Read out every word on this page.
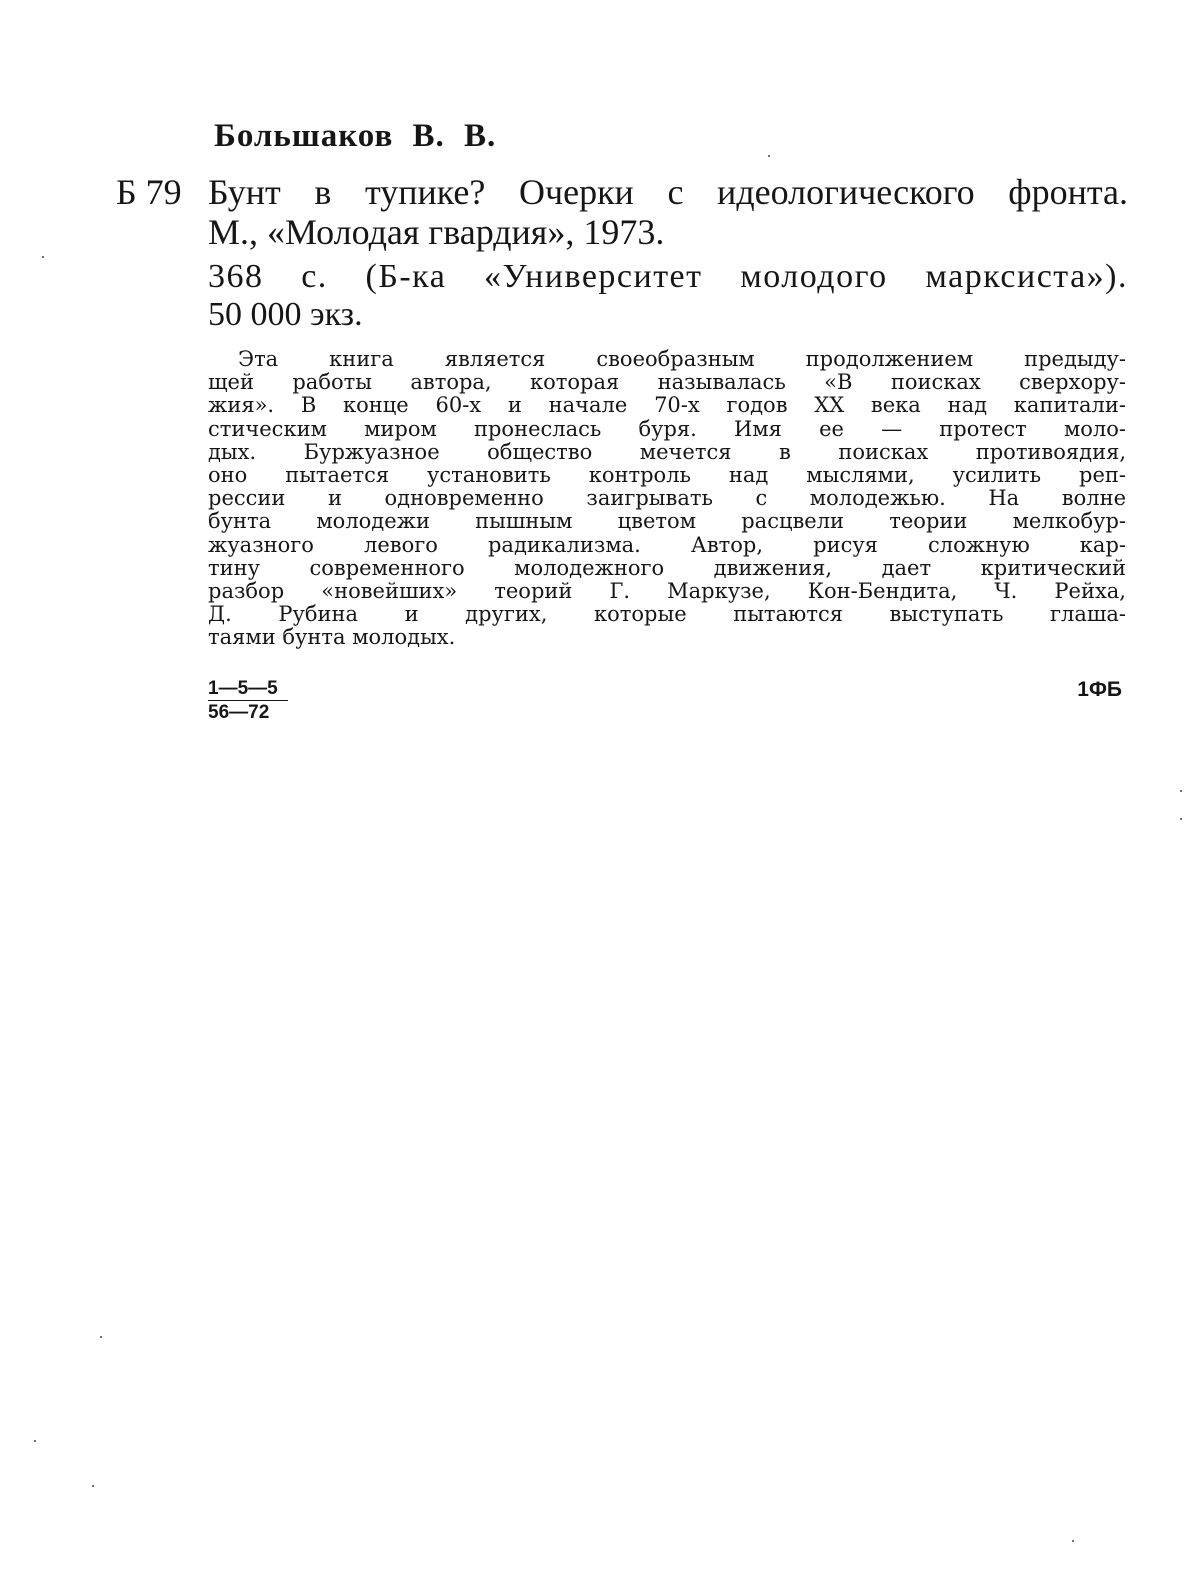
Большаков В. В.
Б 79 Бунт в тупике? Очерки с идеологического фронта.
М., «Молодая гвардия», 1973.
368 с. (Б-ка «Университет молодого марксиста»).
50 000 экз.
Эта книга является своеобразным продолжением предыду-
щей работы автора, которая называлась «В поисках сверхору-
жия». В конце 60-х и начале 70-х годов XX века над капитали-
стическим миром пронеслась буря. Имя ее — протест моло-
дых. Буржуазное общество мечется в поисках противоядия,
оно пытается установить контроль над мыслями, усилить реп-
рессии и одновременно заигрывать с молодежью. На волне
бунта молодежи пышным цветом расцвели теории мелкобур-
жуазного левого радикализма. Автор, рисуя сложную кар-
тину современного молодежного движения, дает критический
разбор «новейших» теорий Г. Маркузе, Кон-Бендита, Ч. Рейха,
Д. Рубина и других, которые пытаются выступать глаша-
таями бунта молодых.
$\frac{1—5—5}{56—72}$	1ФБ
